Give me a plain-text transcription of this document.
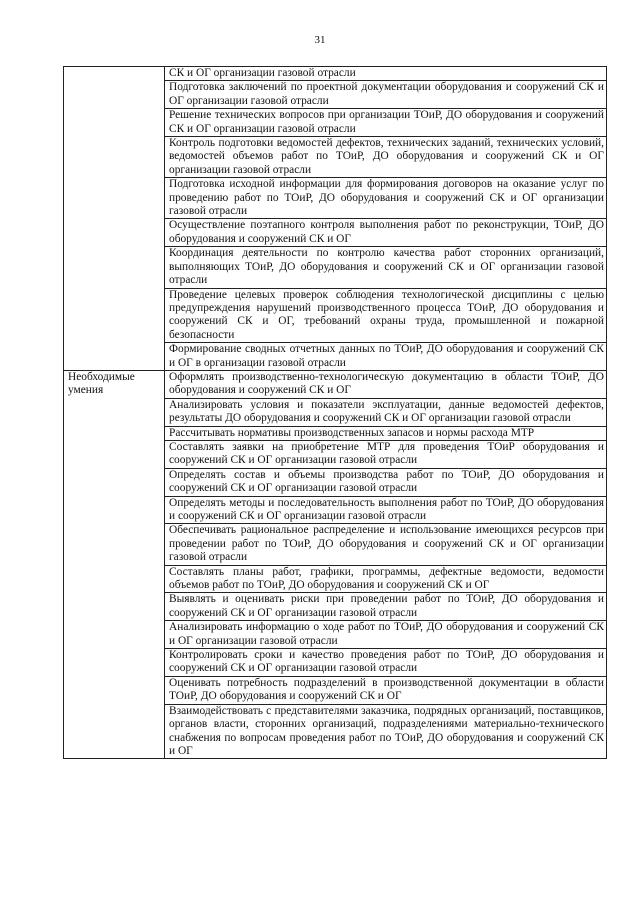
31
	СК и ОГ организации газовой отрасли
	Подготовка заключений по проектной документации оборудования и сооружений СК и ОГ организации газовой отрасли
	Решение технических вопросов при организации ТОиР, ДО оборудования и сооружений СК и ОГ организации газовой отрасли
	Контроль подготовки ведомостей дефектов, технических заданий, технических условий, ведомостей объемов работ по ТОиР, ДО оборудования и сооружений СК и ОГ организации газовой отрасли
	Подготовка исходной информации для формирования договоров на оказание услуг по проведению работ по ТОиР, ДО оборудования и сооружений СК и ОГ организации газовой отрасли
	Осуществление поэтапного контроля выполнения работ по реконструкции, ТОиР, ДО оборудования и сооружений СК и ОГ
	Координация деятельности по контролю качества работ сторонних организаций, выполняющих ТОиР, ДО оборудования и сооружений СК и ОГ организации газовой отрасли
	Проведение целевых проверок соблюдения технологической дисциплины с целью предупреждения нарушений производственного процесса ТОиР, ДО оборудования и сооружений СК и ОГ, требований охраны труда, промышленной и пожарной безопасности
	Формирование сводных отчетных данных по ТОиР, ДО оборудования и сооружений СК и ОГ в организации газовой отрасли
Необходимые умения	Оформлять производственно-технологическую документацию в области ТОиР, ДО оборудования и сооружений СК и ОГ
	Анализировать условия и показатели эксплуатации, данные ведомостей дефектов, результаты ДО оборудования и сооружений СК и ОГ организации газовой отрасли
	Рассчитывать нормативы производственных запасов и нормы расхода МТР
	Составлять заявки на приобретение МТР для проведения ТОиР оборудования и сооружений СК и ОГ организации газовой отрасли
	Определять состав и объемы производства работ по ТОиР, ДО оборудования и сооружений СК и ОГ организации газовой отрасли
	Определять методы и последовательность выполнения работ по ТОиР, ДО оборудования и сооружений СК и ОГ организации газовой отрасли
	Обеспечивать рациональное распределение и использование имеющихся ресурсов при проведении работ по ТОиР, ДО оборудования и сооружений СК и ОГ организации газовой отрасли
	Составлять планы работ, графики, программы, дефектные ведомости, ведомости объемов работ по ТОиР, ДО оборудования и сооружений СК и ОГ
	Выявлять и оценивать риски при проведении работ по ТОиР, ДО оборудования и сооружений СК и ОГ организации газовой отрасли
	Анализировать информацию о ходе работ по ТОиР, ДО оборудования и сооружений СК и ОГ организации газовой отрасли
	Контролировать сроки и качество проведения работ по ТОиР, ДО оборудования и сооружений СК и ОГ организации газовой отрасли
	Оценивать потребность подразделений в производственной документации в области ТОиР, ДО оборудования и сооружений СК и ОГ
	Взаимодействовать с представителями заказчика, подрядных организаций, поставщиков, органов власти, сторонних организаций, подразделениями материально-технического снабжения по вопросам проведения работ по ТОиР, ДО оборудования и сооружений СК и ОГ
